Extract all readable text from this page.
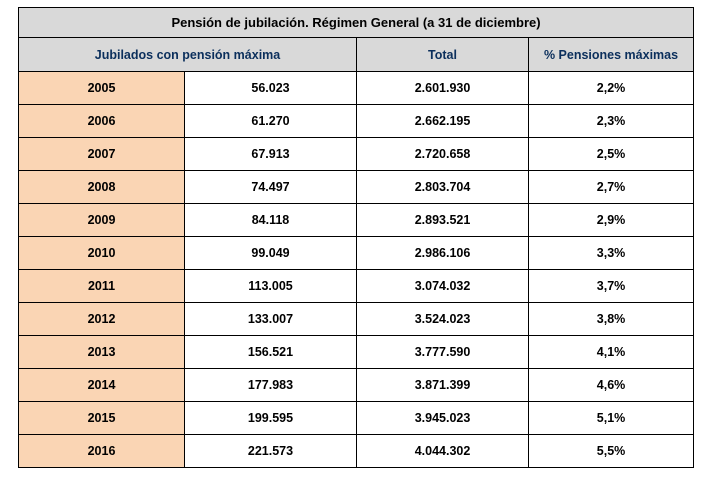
Pensión de jubilación. Régimen General (a 31 de diciembre)			
Jubilados con pensión máxima		Total	% Pensiones máximas
2005	56.023	2.601.930	2,2%
2006	61.270	2.662.195	2,3%
2007	67.913	2.720.658	2,5%
2008	74.497	2.803.704	2,7%
2009	84.118	2.893.521	2,9%
2010	99.049	2.986.106	3,3%
2011	113.005	3.074.032	3,7%
2012	133.007	3.524.023	3,8%
2013	156.521	3.777.590	4,1%
2014	177.983	3.871.399	4,6%
2015	199.595	3.945.023	5,1%
2016	221.573	4.044.302	5,5%
